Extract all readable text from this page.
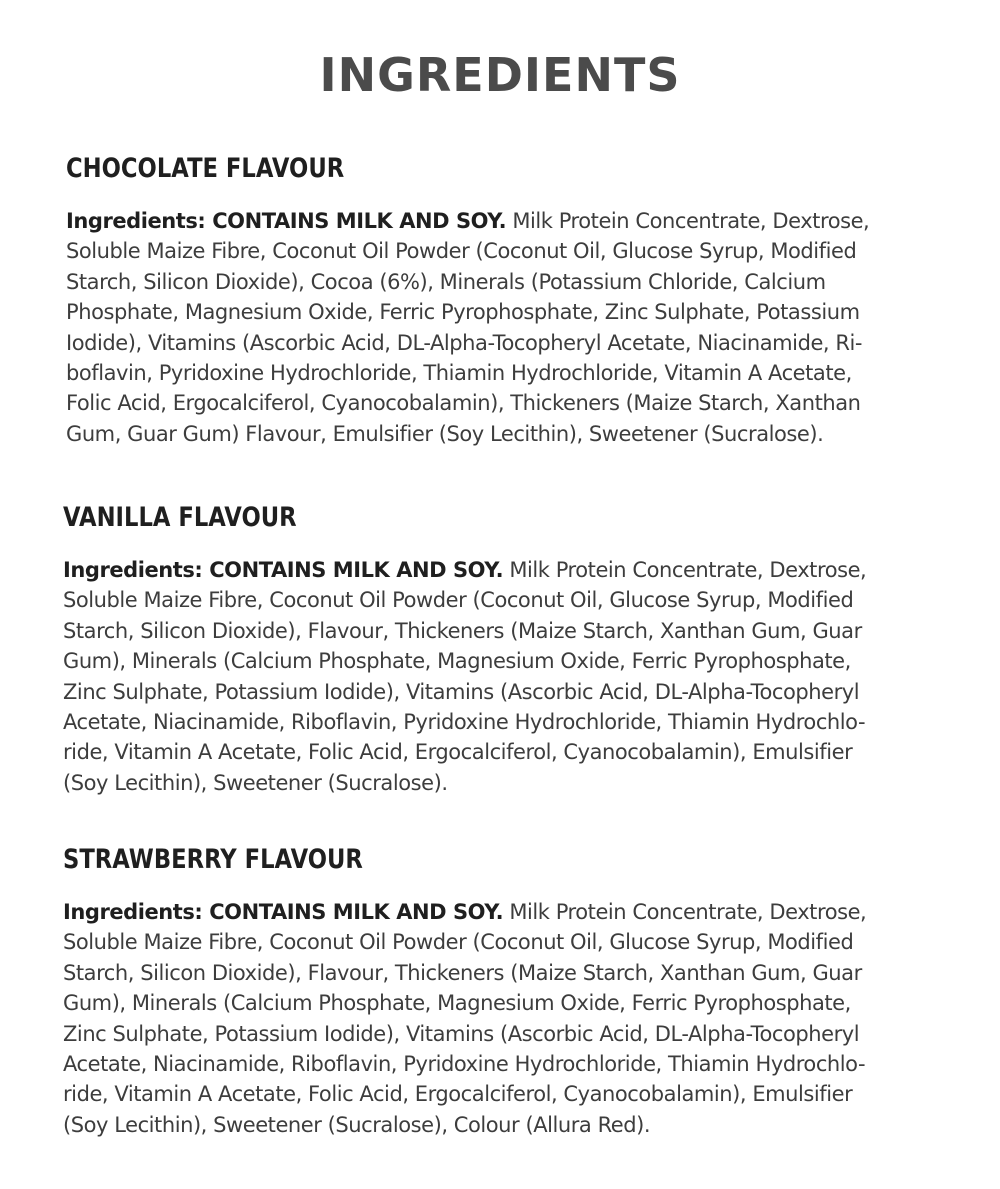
INGREDIENTS
CHOCOLATE FLAVOUR

Ingredients: CONTAINS MILK AND SOY. Milk Protein Concentrate, Dextrose,
Soluble Maize Fibre, Coconut Oil Powder (Coconut Oil, Glucose Syrup, Modified
Starch, Silicon Dioxide), Cocoa (6%), Minerals (Potassium Chloride, Calcium
Phosphate, Magnesium Oxide, Ferric Pyrophosphate, Zinc Sulphate, Potassium
Iodide), Vitamins (Ascorbic Acid, DL-Alpha-Tocopheryl Acetate, Niacinamide, Ri-
boflavin, Pyridoxine Hydrochloride, Thiamin Hydrochloride, Vitamin A Acetate,
Folic Acid, Ergocalciferol, Cyanocobalamin), Thickeners (Maize Starch, Xanthan
Gum, Guar Gum) Flavour, Emulsifier (Soy Lecithin), Sweetener (Sucralose).

VANILLA FLAVOUR

Ingredients: CONTAINS MILK AND SOY. Milk Protein Concentrate, Dextrose,
Soluble Maize Fibre, Coconut Oil Powder (Coconut Oil, Glucose Syrup, Modified
Starch, Silicon Dioxide), Flavour, Thickeners (Maize Starch, Xanthan Gum, Guar
Gum), Minerals (Calcium Phosphate, Magnesium Oxide, Ferric Pyrophosphate,
Zinc Sulphate, Potassium Iodide), Vitamins (Ascorbic Acid, DL-Alpha-Tocopheryl
Acetate, Niacinamide, Riboflavin, Pyridoxine Hydrochloride, Thiamin Hydrochlo-
ride, Vitamin A Acetate, Folic Acid, Ergocalciferol, Cyanocobalamin), Emulsifier
(Soy Lecithin), Sweetener (Sucralose).

STRAWBERRY FLAVOUR

Ingredients: CONTAINS MILK AND SOY. Milk Protein Concentrate, Dextrose,
Soluble Maize Fibre, Coconut Oil Powder (Coconut Oil, Glucose Syrup, Modified
Starch, Silicon Dioxide), Flavour, Thickeners (Maize Starch, Xanthan Gum, Guar
Gum), Minerals (Calcium Phosphate, Magnesium Oxide, Ferric Pyrophosphate,
Zinc Sulphate, Potassium Iodide), Vitamins (Ascorbic Acid, DL-Alpha-Tocopheryl
Acetate, Niacinamide, Riboflavin, Pyridoxine Hydrochloride, Thiamin Hydrochlo-
ride, Vitamin A Acetate, Folic Acid, Ergocalciferol, Cyanocobalamin), Emulsifier
(Soy Lecithin), Sweetener (Sucralose), Colour (Allura Red).
